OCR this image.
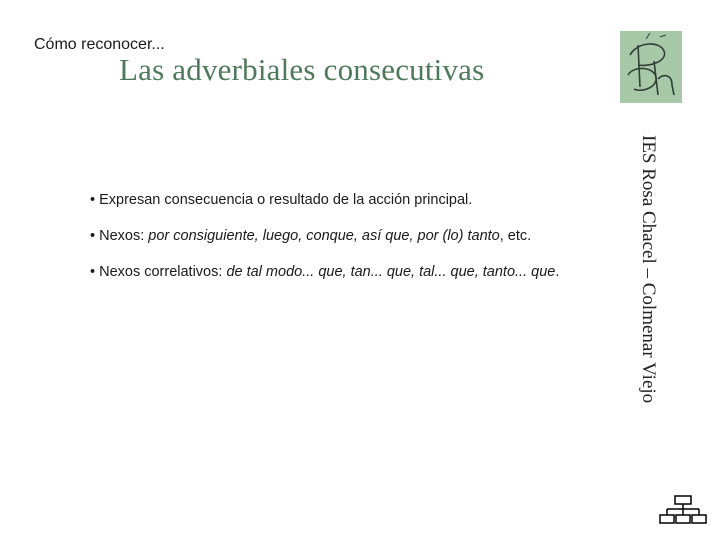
Cómo reconocer...
Las adverbiales consecutivas

• Expresan consecuencia o resultado de la acción principal.

• Nexos: por consiguiente, luego, conque, así que, por (lo) tanto, etc.

• Nexos correlativos: de tal modo... que, tan... que, tal... que, tanto... que.	IES Rosa Chacel – Colmenar Viejo
